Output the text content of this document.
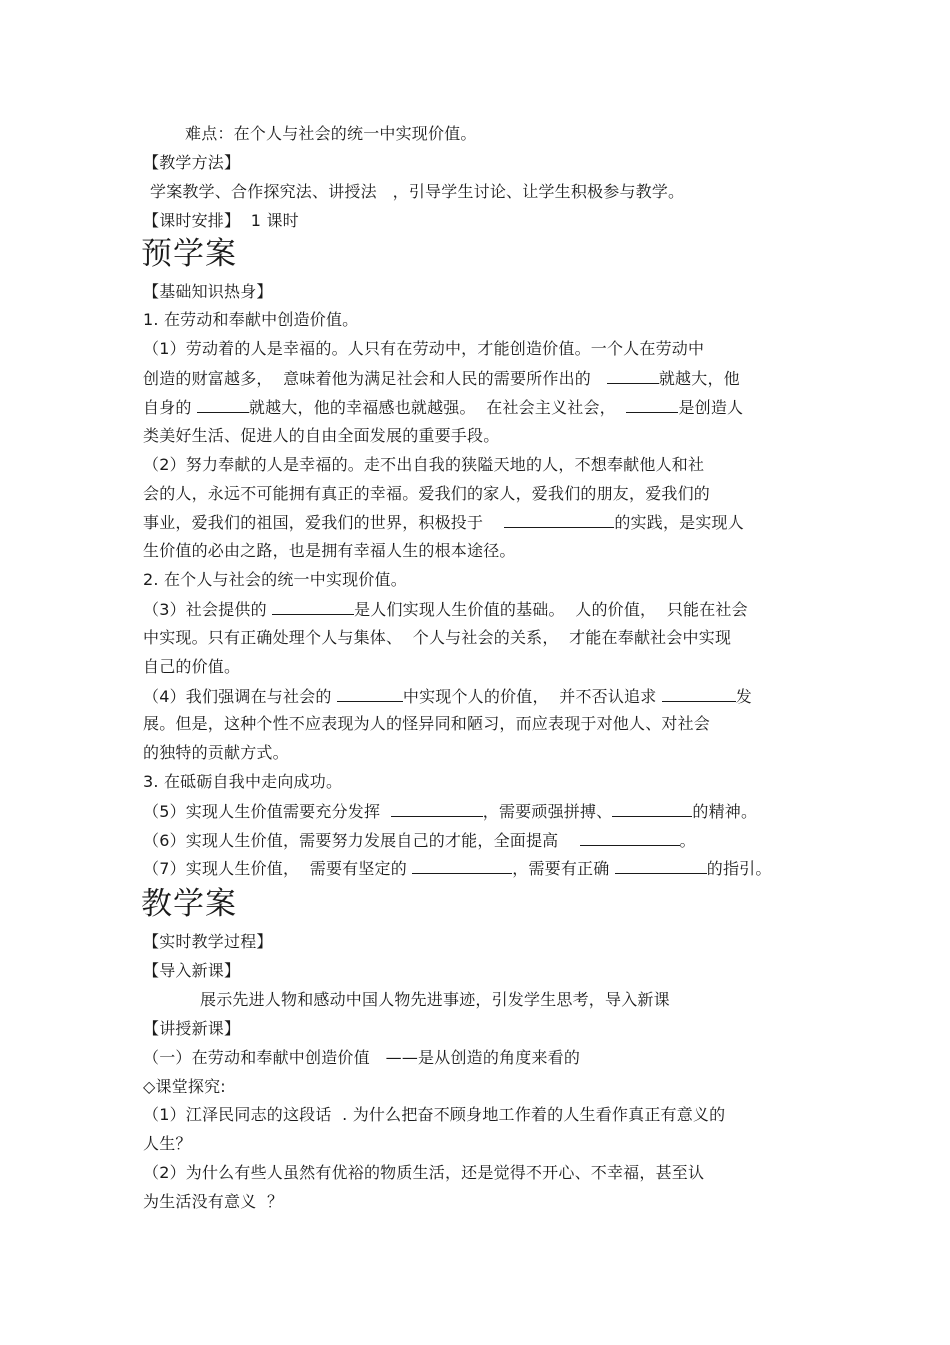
难点：在个人与社会的统一中实现价值。
【教学方法】
学案教学、合作探究法、讲授法   ，引导学生讨论、让学生积极参与教学。
【课时安排】  1 课时
预学案
【基础知识热身】
1. 在劳动和奉献中创造价值。
（1）劳动着的人是幸福的。人只有在劳动中，才能创造价值。一个人在劳动中
创造的财富越多，  意味着他为满足社会和人民的需要所作出的	就越大，他
自身的	就越大，他的幸福感也就越强。  在社会主义社会，	是创造人
类美好生活、促进人的自由全面发展的重要手段。
（2）努力奉献的人是幸福的。走不出自我的狭隘天地的人，不想奉献他人和社
会的人，永远不可能拥有真正的幸福。爱我们的家人，爱我们的朋友，爱我们的
事业，爱我们的祖国，爱我们的世界，积极投于	的实践，是实现人
生价值的必由之路，也是拥有幸福人生的根本途径。
2. 在个人与社会的统一中实现价值。
（3）社会提供的	是人们实现人生价值的基础。  人的价值，  只能在社会
中实现。只有正确处理个人与集体、  个人与社会的关系，  才能在奉献社会中实现
自己的价值。
（4）我们强调在与社会的	中实现个人的价值，  并不否认追求	发
展。但是，这种个性不应表现为人的怪异同和陋习，而应表现于对他人、对社会
的独特的贡献方式。
3. 在砥砺自我中走向成功。
（5）实现人生价值需要充分发挥	，需要顽强拼搏、	的精神。
（6）实现人生价值，需要努力发展自己的才能，全面提高	。
（7）实现人生价值，  需要有坚定的	，需要有正确	的指引。
教学案
【实时教学过程】
【导入新课】
展示先进人物和感动中国人物先进事迹，引发学生思考，导入新课
【讲授新课】
（一）在劳动和奉献中创造价值   ——是从创造的角度来看的
◇课堂探究:
（1）江泽民同志的这段话  . 为什么把奋不顾身地工作着的人生看作真正有意义的
人生？
（2）为什么有些人虽然有优裕的物质生活，还是觉得不开心、不幸福，甚至认
为生活没有意义  ？
